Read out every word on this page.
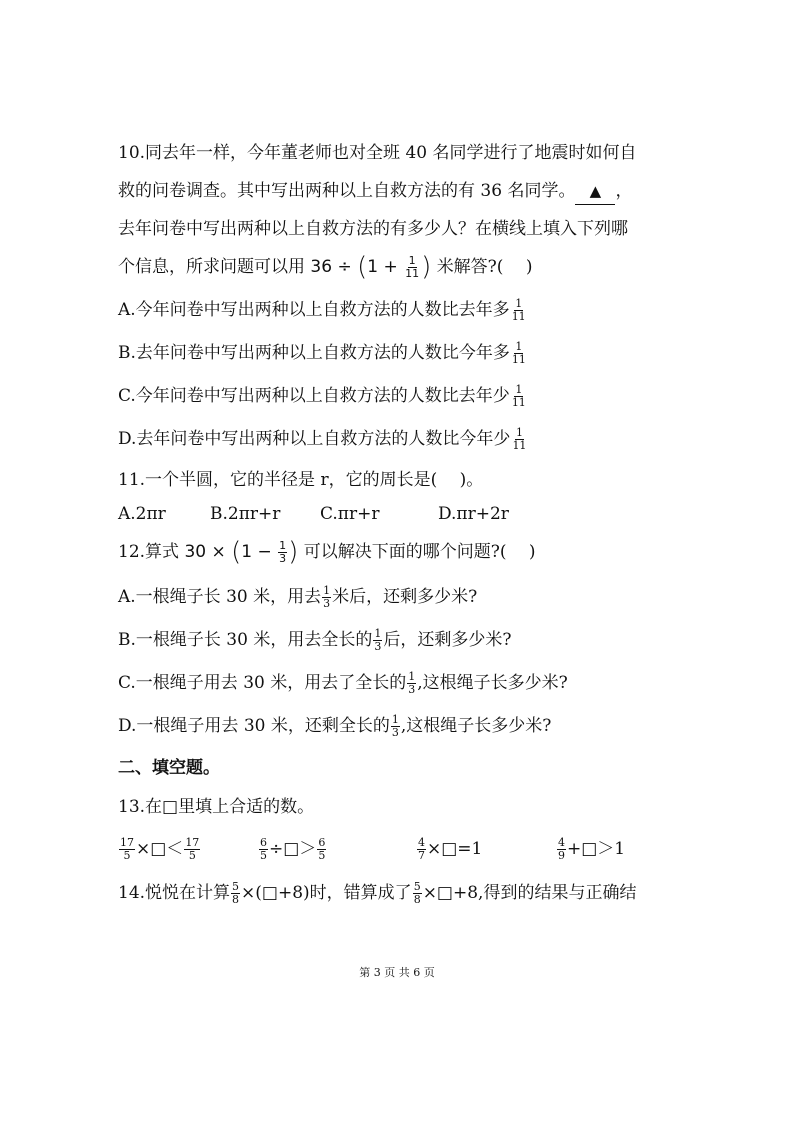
10.同去年一样，今年董老师也对全班 40 名同学进行了地震时如何自
救的问卷调查。其中写出两种以上自救方法的有 36 名同学。 ▲ ，
去年问卷中写出两种以上自救方法的有多少人？在横线上填入下列哪
个信息，所求问题可以用 $36 \div (1 + \frac{1}{11}$ ) 米解答?(　 )
A.今年问卷中写出两种以上自救方法的人数比去年多 $\frac{1}{11}$
B.去年问卷中写出两种以上自救方法的人数比今年多 $\frac{1}{11}$
C.今年问卷中写出两种以上自救方法的人数比去年少 $\frac{1}{11}$
D.去年问卷中写出两种以上自救方法的人数比今年少 $\frac{1}{11}$
11.一个半圆，它的半径是 r，它的周长是(　 )。
A.2πr	B.2πr+r C.πr+r	D.πr+2r
12.算式 $30 \times (1 - \frac{1}{3}$ ) 可以解决下面的哪个问题?(　 )
A.一根绳子长 30 米，用去 $\frac{1}{3}$ 米后，还剩多少米?
B.一根绳子长 30 米，用去全长的 $\frac{1}{3}$ 后，还剩多少米?
C.一根绳子用去 30 米，用去了全长的 $\frac{1}{3}$ ,这根绳子长多少米?
D.一根绳子用去 30 米，还剩全长的 $\frac{1}{3}$ ,这根绳子长多少米?
二、填空题。
13.在□里填上合适的数。
$\frac{17}{5}$ ×□＜ $\frac{17}{5}$	$\frac{6}{5}$ ÷□＞ $\frac{6}{5}$	$\frac{4}{7}$ ×□=1	$\frac{4}{9}$ +□＞1
14.悦悦在计算 $\frac{5}{8}$ ×(□+8)时，错算成了 $\frac{5}{8}$ ×□+8,得到的结果与正确结
第 3 页 共 6 页
